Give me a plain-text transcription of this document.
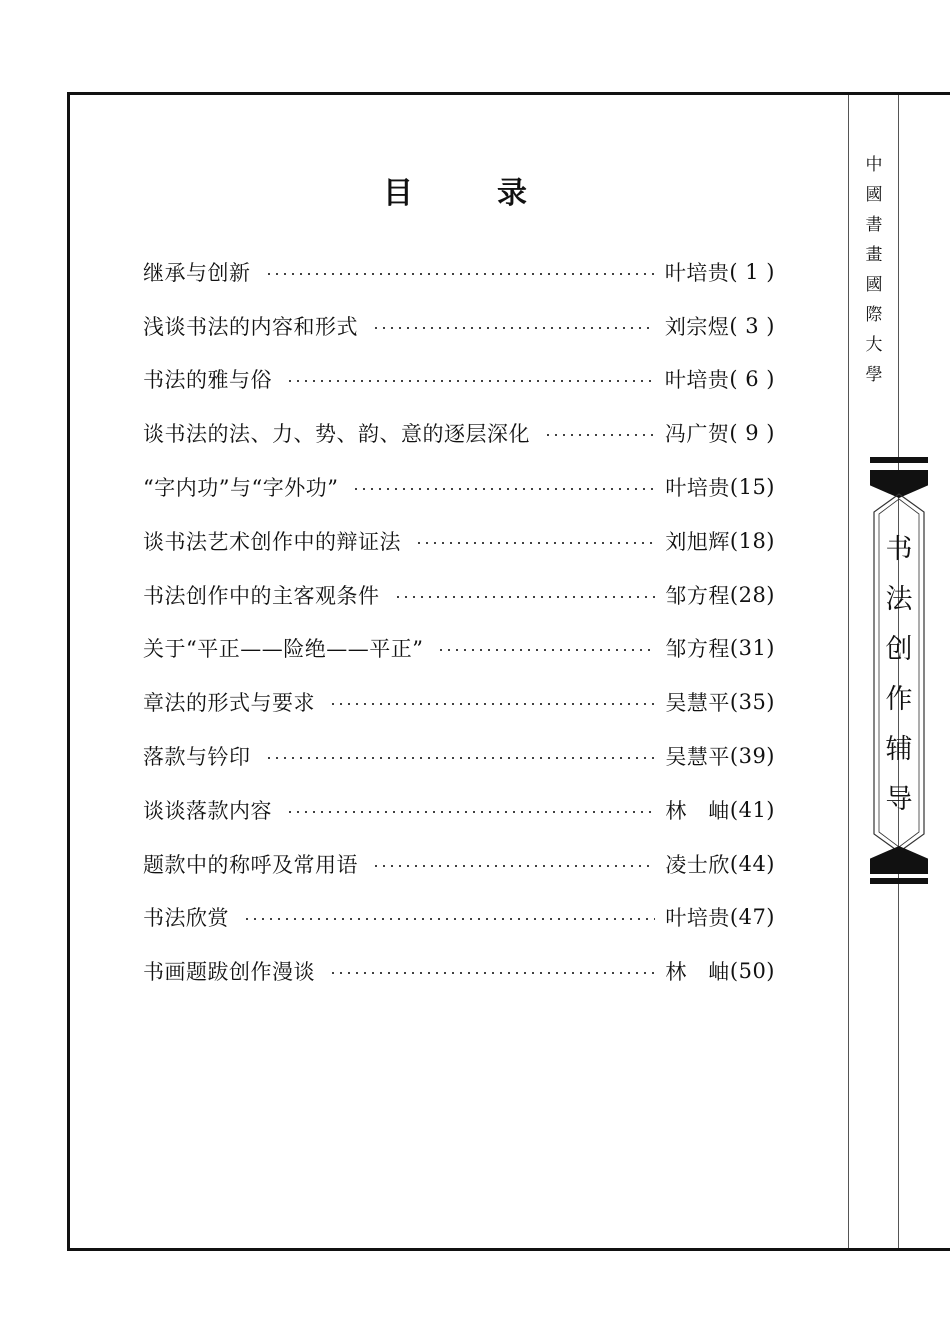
目	录
继承与创新	叶培贵 ( 1 )
浅谈书法的内容和形式	刘宗煜 ( 3 )
书法的雅与俗	叶培贵 ( 6 )
谈书法的法、力、势、韵、意的逐层深化	冯广贺 ( 9 )
“字内功”与“字外功”	叶培贵 (15)
谈书法艺术创作中的辩证法	刘旭辉 (18)
书法创作中的主客观条件	邹方程 (28)
关于“平正——险绝——平正”	邹方程 (31)
章法的形式与要求	吴慧平 (35)
落款与钤印	吴慧平 (39)
谈谈落款内容	林　岫 (41)
题款中的称呼及常用语	凌士欣 (44)
书法欣赏	叶培贵 (47)
书画题跋创作漫谈	林　岫 (50)
中
國
書
畫
國
際
大
學
书
法
创
作
辅
导
